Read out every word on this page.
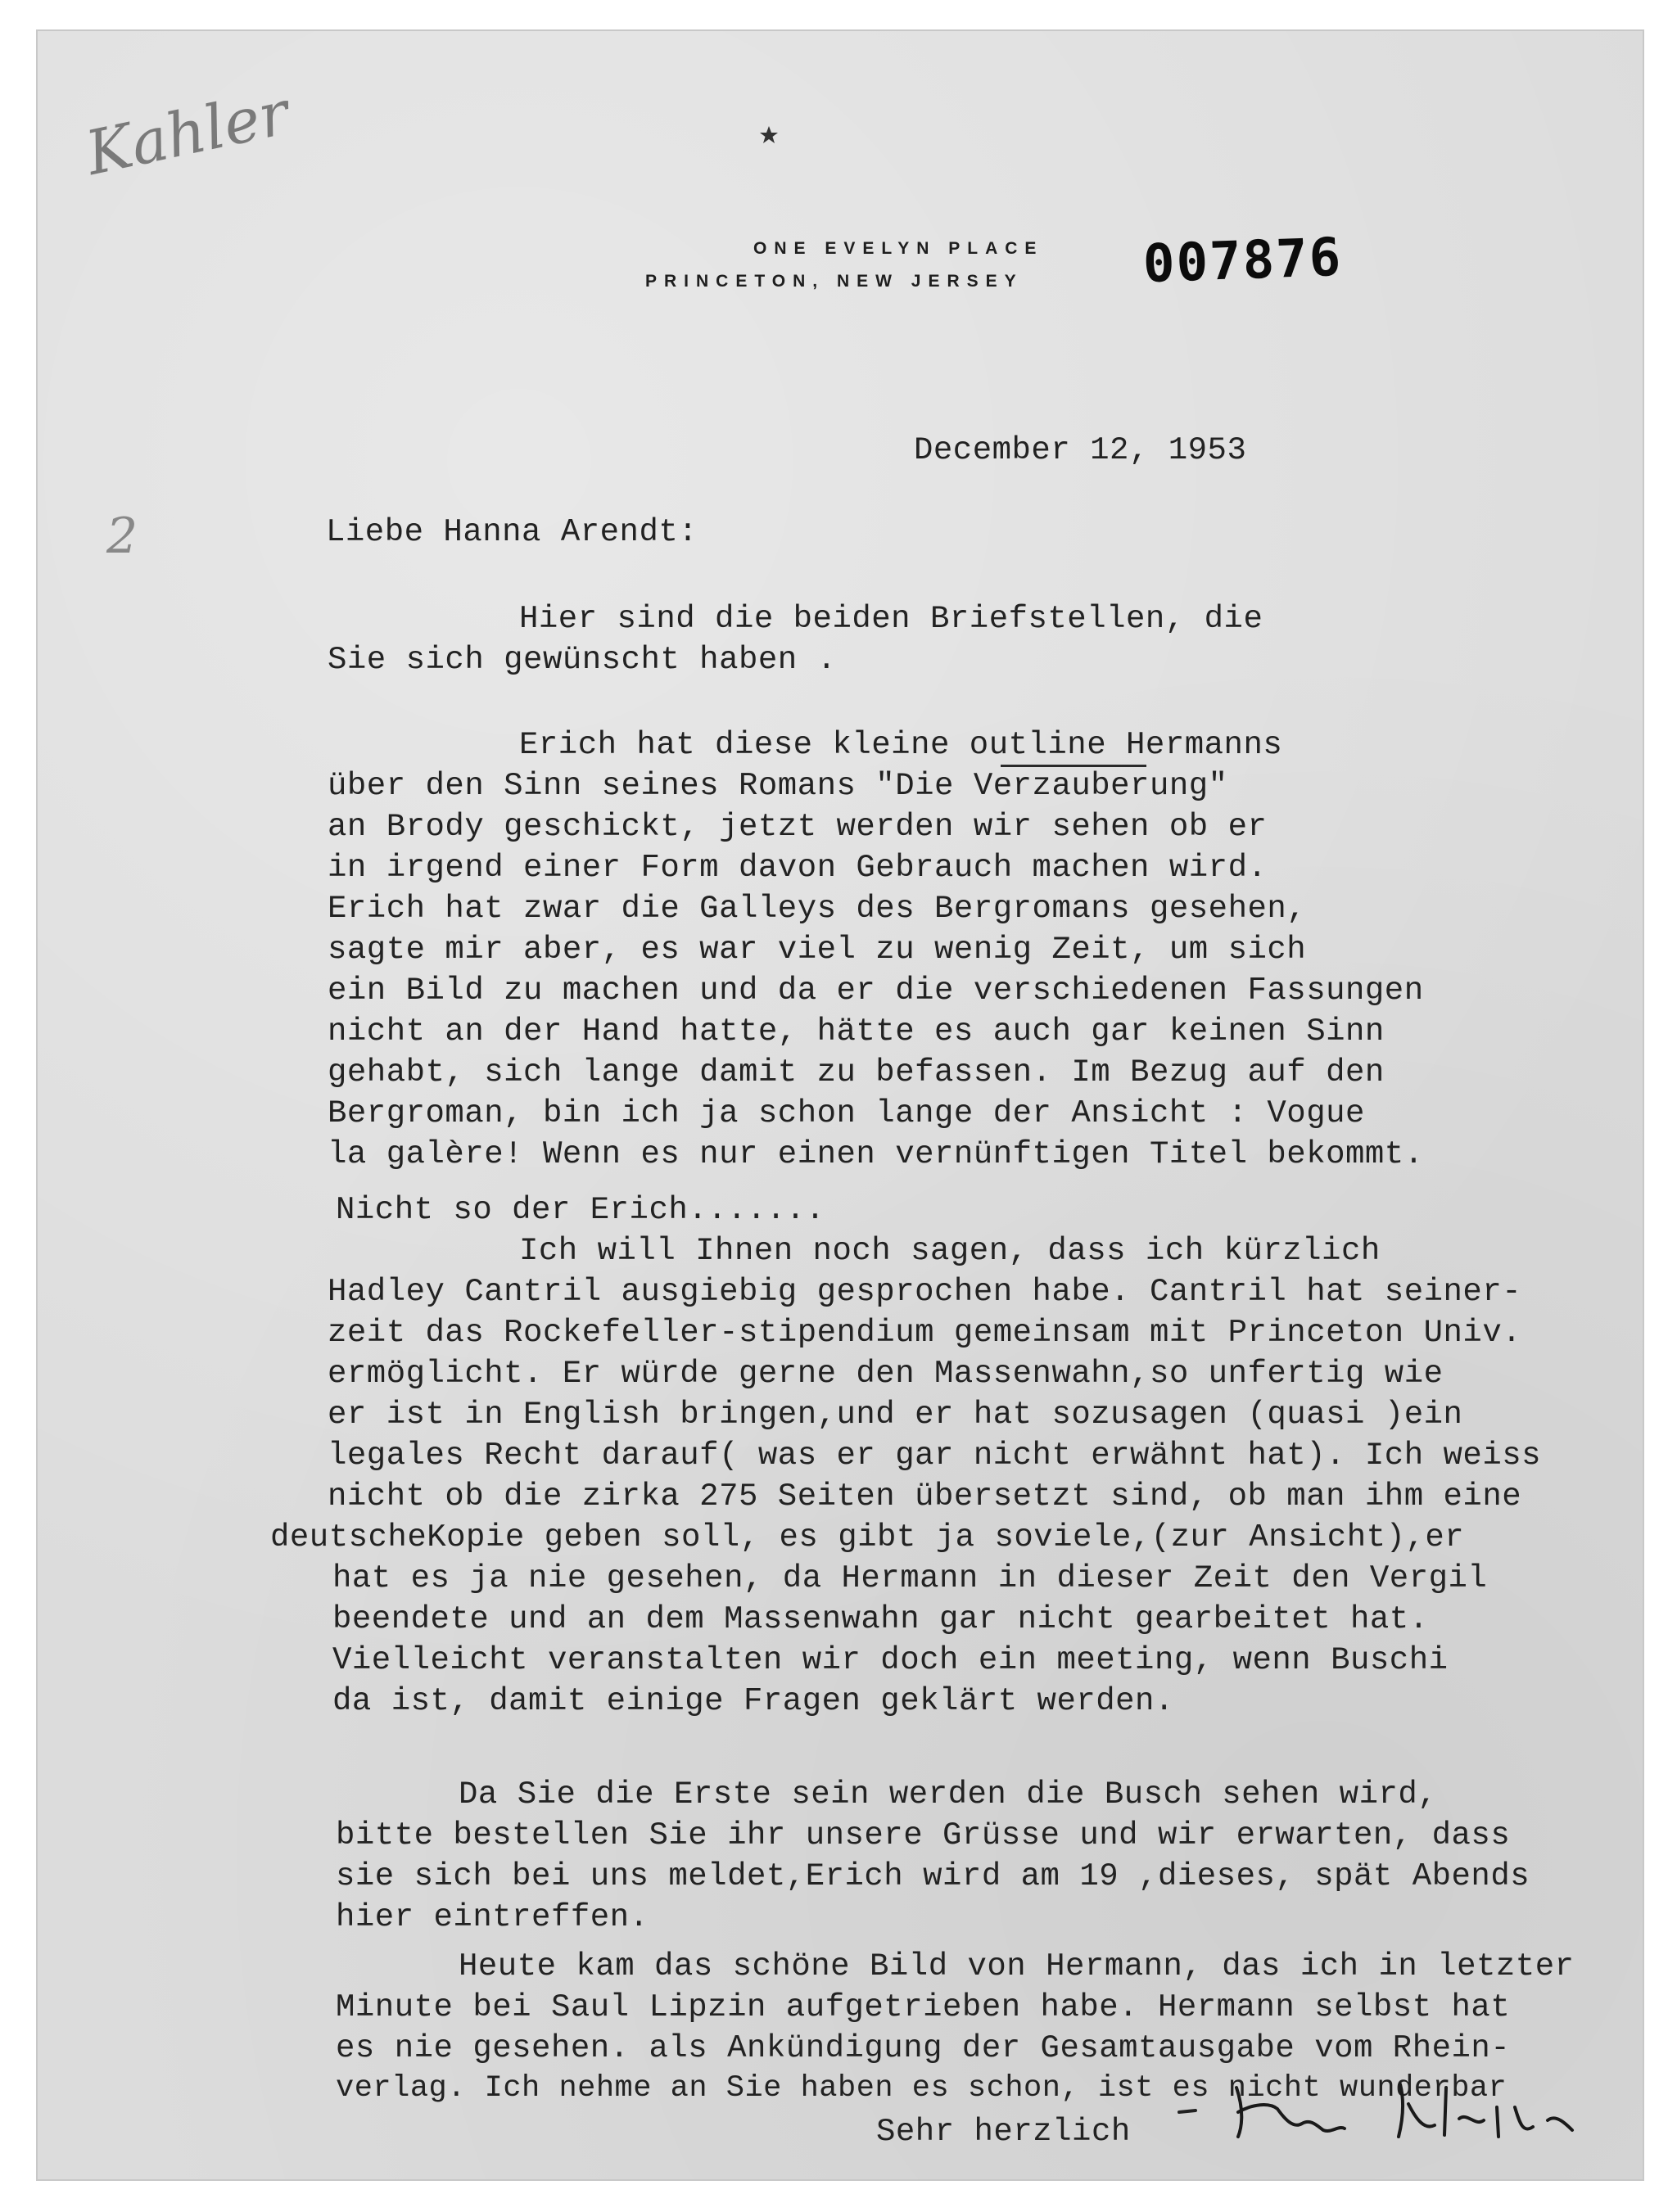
Kahler
ONE EVELYN PLACE
PRINCETON, NEW JERSEY 007876
December 12, 1953
2	Liebe Hanna Arendt:
Hier sind die beiden Briefstellen, die
Sie sich gewünscht haben .
Erich hat diese kleine outline Hermanns
über den Sinn seines Romans "Die Verzauberung"
an Brody geschickt, jetzt werden wir sehen ob er
in irgend einer Form davon Gebrauch machen wird.
Erich hat zwar die Galleys des Bergromans gesehen,
sagte mir aber, es war viel zu wenig Zeit, um sich
ein Bild zu machen und da er die verschiedenen Fassungen
nicht an der Hand hatte, hätte es auch gar keinen Sinn
gehabt, sich lange damit zu befassen. Im Bezug auf den
Bergroman, bin ich ja schon lange der Ansicht : Vogue
la galère! Wenn es nur einen vernünftigen Titel bekommt.
Nicht so der Erich.......
Ich will Ihnen noch sagen, dass ich kürzlich
Hadley Cantril ausgiebig gesprochen habe. Cantril hat seiner-
zeit das Rockefeller-stipendium gemeinsam mit Princeton Univ.
ermöglicht. Er würde gerne den Massenwahn,so unfertig wie
er ist in English bringen,und er hat sozusagen (quasi )ein
legales Recht darauf( was er gar nicht erwähnt hat). Ich weiss
nicht ob die zirka 275 Seiten übersetzt sind, ob man ihm eine
deutscheKopie geben soll, es gibt ja soviele,(zur Ansicht),er
hat es ja nie gesehen, da Hermann in dieser Zeit den Vergil
beendete und an dem Massenwahn gar nicht gearbeitet hat.
Vielleicht veranstalten wir doch ein meeting, wenn Buschi
da ist, damit einige Fragen geklärt werden.
Da Sie die Erste sein werden die Busch sehen wird,
bitte bestellen Sie ihr unsere Grüsse und wir erwarten, dass
sie sich bei uns meldet,Erich wird am 19 ,dieses, spät Abends
hier eintreffen.
Heute kam das schöne Bild von Hermann, das ich in letzter
Minute bei Saul Lipzin aufgetrieben habe. Hermann selbst hat
es nie gesehen. als Ankündigung der Gesamtausgabe vom Rhein-
verlag. Ich nehme an Sie haben es schon, ist es nicht wunderbar
Sehr herzlich
